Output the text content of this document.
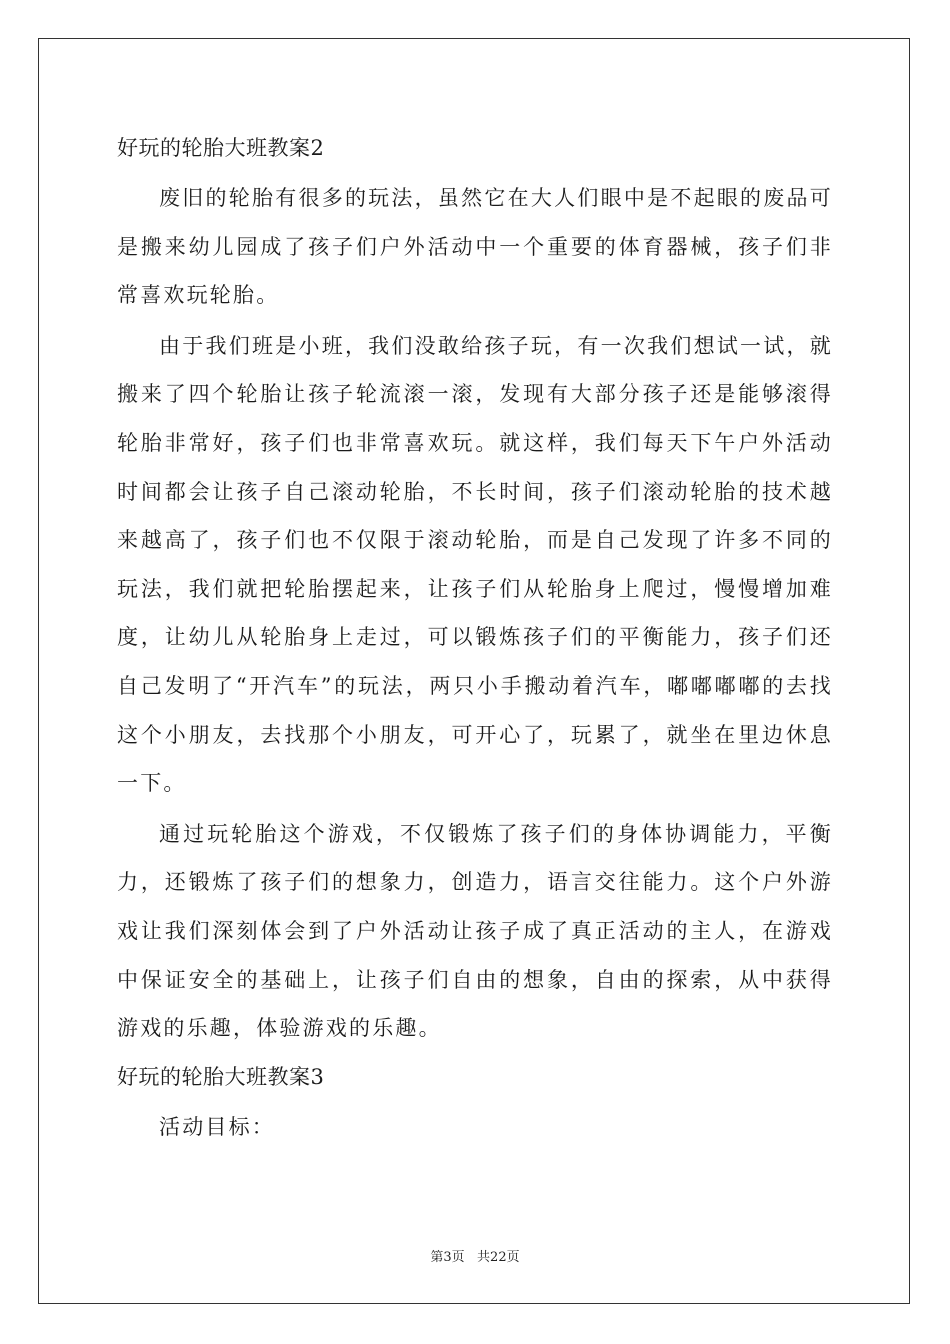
好玩的轮胎大班教案2

废旧的轮胎有很多的玩法，虽然它在大人们眼中是不起眼的废品可是搬来幼儿园成了孩子们户外活动中一个重要的体育器械，孩子们非常喜欢玩轮胎。

由于我们班是小班，我们没敢给孩子玩，有一次我们想试一试，就搬来了四个轮胎让孩子轮流滚一滚，发现有大部分孩子还是能够滚得轮胎非常好，孩子们也非常喜欢玩。就这样，我们每天下午户外活动时间都会让孩子自己滚动轮胎，不长时间，孩子们滚动轮胎的技术越来越高了，孩子们也不仅限于滚动轮胎，而是自己发现了许多不同的玩法，我们就把轮胎摆起来，让孩子们从轮胎身上爬过，慢慢增加难度，让幼儿从轮胎身上走过，可以锻炼孩子们的平衡能力，孩子们还自己发明了“开汽车”的玩法，两只小手搬动着汽车，嘟嘟嘟嘟的去找这个小朋友，去找那个小朋友，可开心了，玩累了，就坐在里边休息一下。

通过玩轮胎这个游戏，不仅锻炼了孩子们的身体协调能力，平衡力，还锻炼了孩子们的想象力，创造力，语言交往能力。这个户外游戏让我们深刻体会到了户外活动让孩子成了真正活动的主人，在游戏中保证安全的基础上，让孩子们自由的想象，自由的探索，从中获得游戏的乐趣，体验游戏的乐趣。

好玩的轮胎大班教案3

活动目标：

第3页   共22页
